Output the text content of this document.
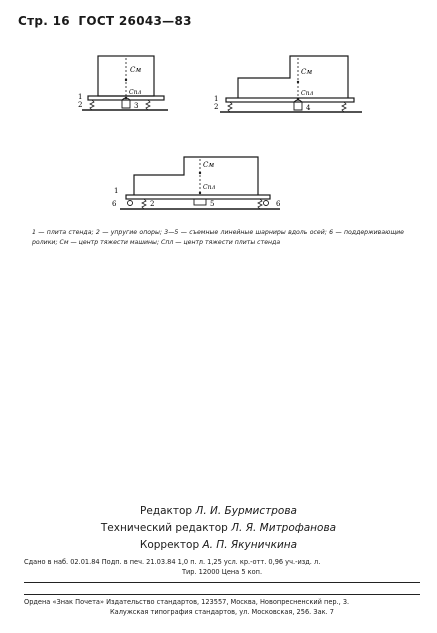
Стр. 16 ГОСТ 26043—83
Cм
Cпл
1
2	3
Cм
Cпл
1
2	4
Cм
Cпл
1
2	5
6	6
1 — плита стенда; 2 — упругие опоры; 3—5 — съемные линейные шарниры вдоль осей; 6 — поддерживающие ролики; Cм — центр тяжести машины; Cпл — центр тяжести плиты стенда
Редактор Л. И. Бурмистрова
Технический редактор Л. Я. Митрофанова
Корректор А. П. Якуничкина
Сдано в наб. 02.01.84 Подп. в печ. 21.03.84 1,0 п. л. 1,25 усл. кр.-отт. 0,96 уч.-изд. л.
Тир. 12000 Цена 5 коп.
Ордена «Знак Почета» Издательство стандартов, 123557, Москва, Новопресненский пер., 3.
Калужская типография стандартов, ул. Московская, 256. Зак. 7
